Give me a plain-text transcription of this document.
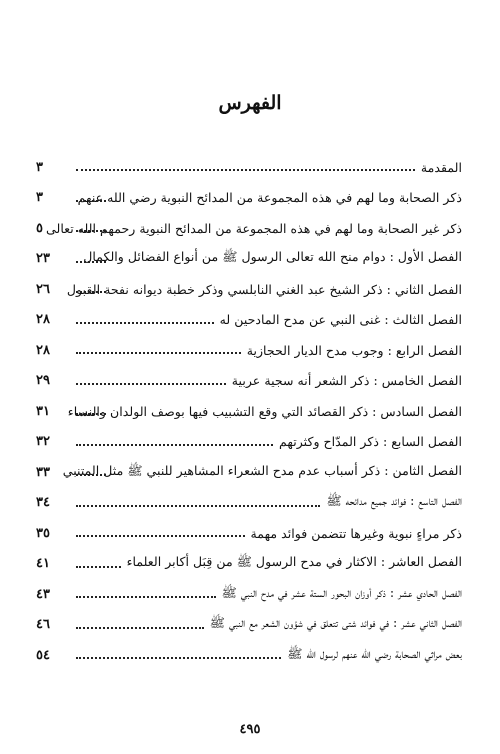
الفهرس
المقدمة
٣
ذكر الصحابة وما لهم في هذه المجموعة من المدائح النبوية رضي الله عنهم
٣
ذكر غير الصحابة وما لهم في هذه المجموعة من المدائح النبوية رحمهم الله تعالى
٥
الفصل الأول : دوام منح الله تعالى الرسول ﷺ من أنواع الفضائل والكمال
٢٣
الفصل الثاني : ذكر الشيخ عبد الغني النابلسي وذكر خطبة ديوانه نفحة القبول
٢٦
الفصل الثالث : غنى النبي عن مدح المادحين له
٢٨
الفصل الرابع : وجوب مدح الديار الحجازية
٢٨
الفصل الخامس : ذكر الشعر أنه سجية عربية
٢٩
الفصل السادس : ذكر القصائد التي وقع التشبيب فيها بوصف الولدان والنساء
٣١
الفصل السابع : ذكر المدّاح وكثرتهم
٣٢
الفصل الثامن : ذكر أسباب عدم مدح الشعراء المشاهير للنبي ﷺ مثل المتنبي
٣٣
الفصل التاسع : فوائد جميع مدائحه ﷺ
٣٤
ذكر مراءٍ نبوية وغيرها تتضمن فوائد مهمة
٣٥
الفصل العاشر : الاكثار في مدح الرسول ﷺ من قِبَل أكابر العلماء
٤١
الفصل الحادي عشر : ذكر أوزان البحور الستة عشر في مدح النبي ﷺ
٤٣
الفصل الثاني عشر : في فوائد شتى تتعلق في شؤون الشعر مع النبي ﷺ
٤٦
بعض مراثي الصحابة رضي الله عنهم لرسول الله ﷺ
٥٤
٤٩٥
